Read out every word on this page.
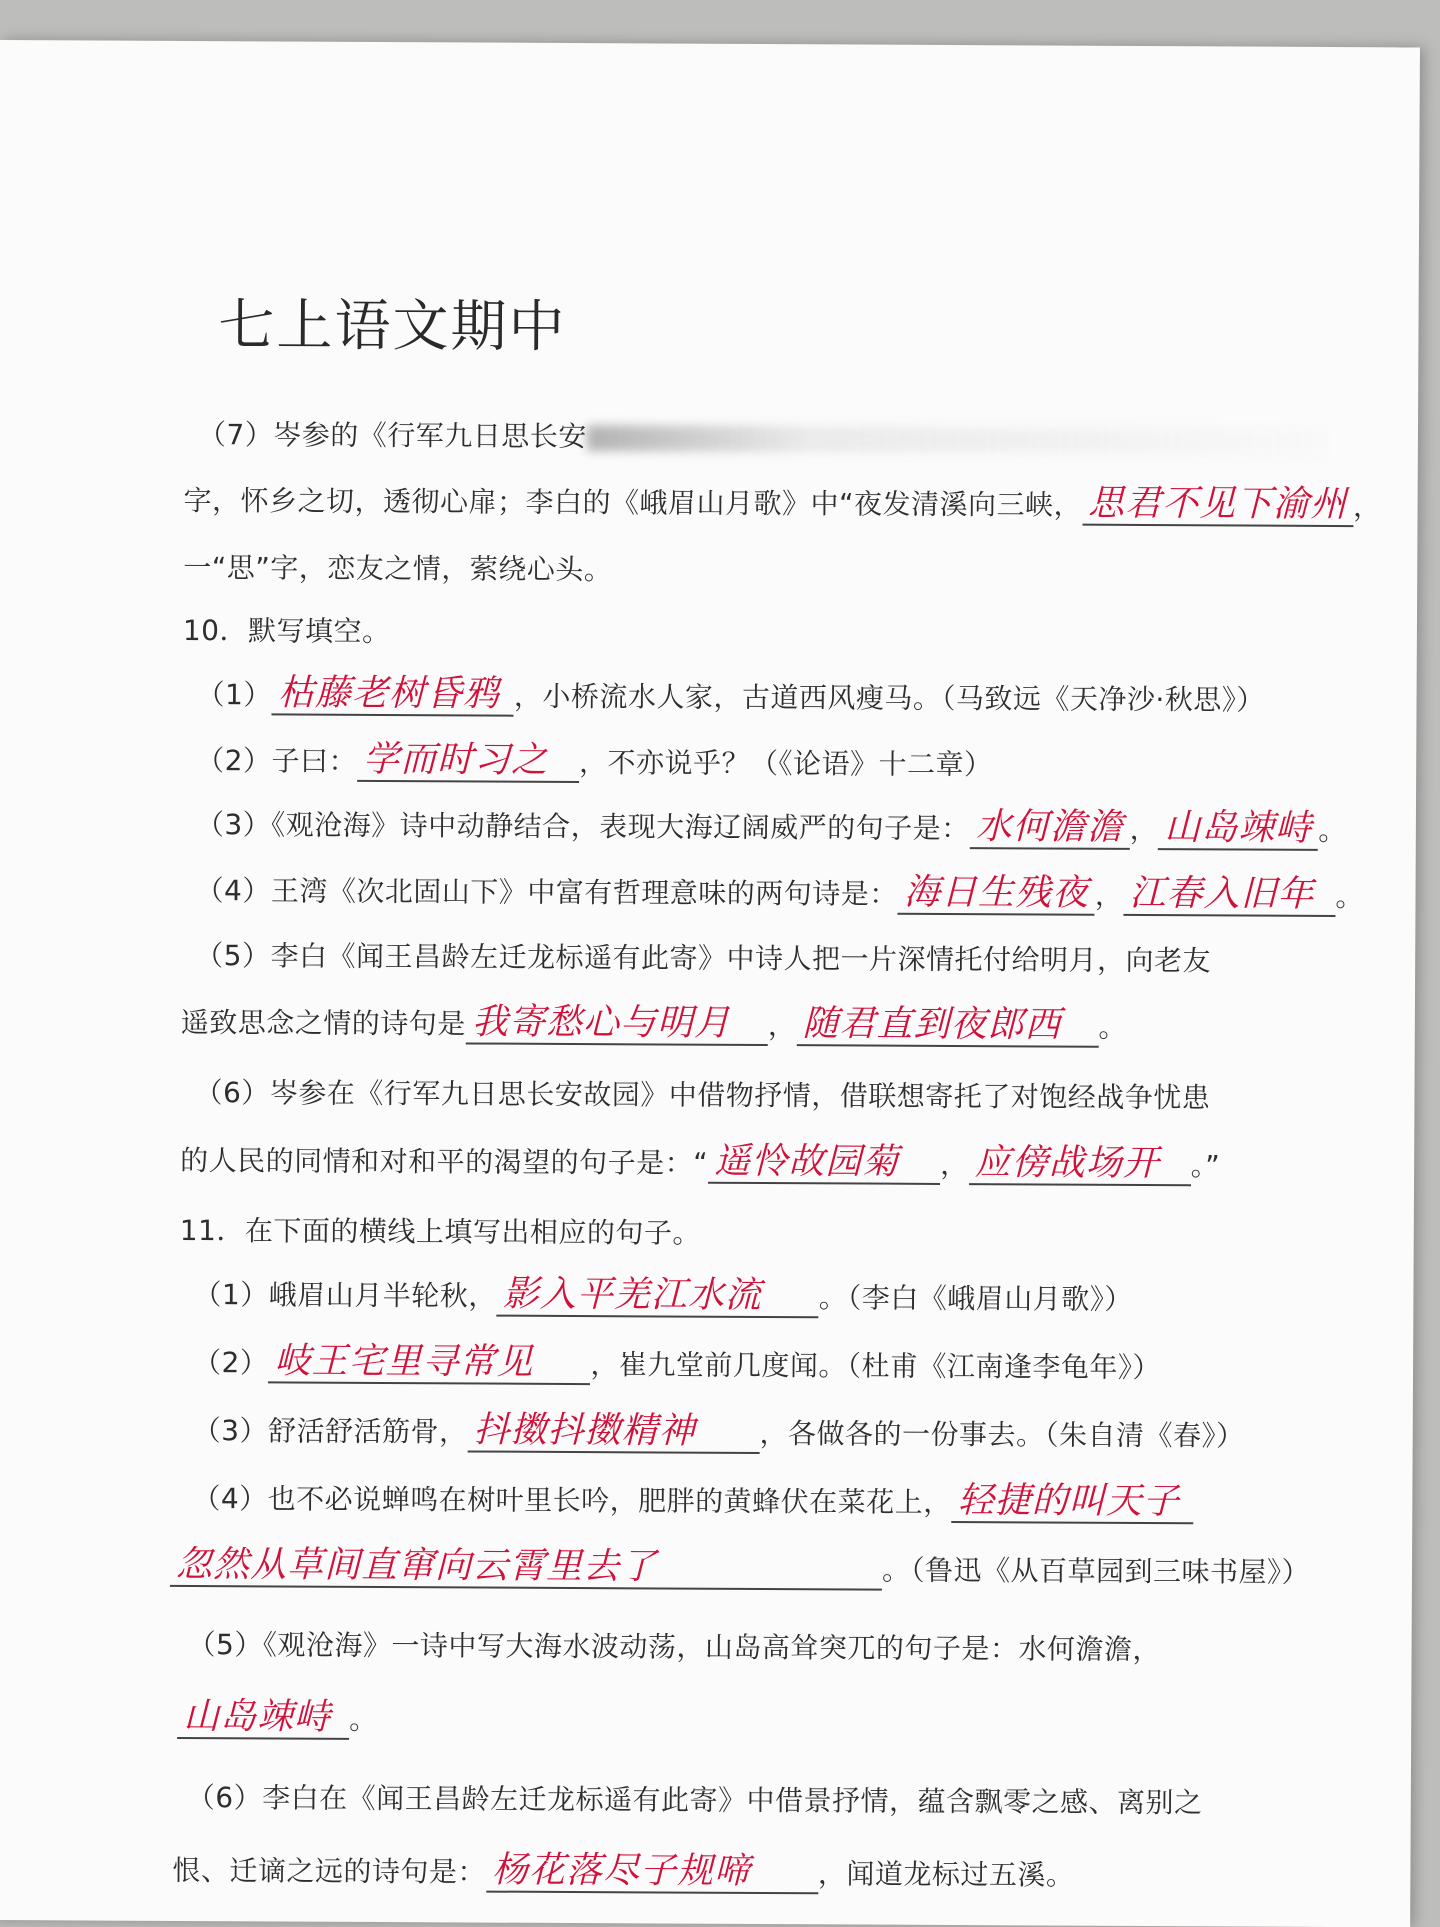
七上语文期中
（7）岑参的《行军九日思长安
字，怀乡之切，透彻心扉；李白的《峨眉山月歌》中“夜发清溪向三峡， 思君不见下渝州 ，
一“思”字，恋友之情，萦绕心头。
10．默写填空。
（1） 枯藤老树昏鸦 ，小桥流水人家，古道西风瘦马。（马致远《天净沙·秋思》）
（2）子曰： 学而时习之 ，不亦说乎？（《论语》十二章）
（3）《观沧海》诗中动静结合，表现大海辽阔威严的句子是： 水何澹澹 ， 山岛竦峙 。
（4）王湾《次北固山下》中富有哲理意味的两句诗是： 海日生残夜 ， 江春入旧年 。
（5）李白《闻王昌龄左迁龙标遥有此寄》中诗人把一片深情托付给明月，向老友
遥致思念之情的诗句是 我寄愁心与明月 ， 随君直到夜郎西 。
（6）岑参在《行军九日思长安故园》中借物抒情，借联想寄托了对饱经战争忧患
的人民的同情和对和平的渴望的句子是：“ 遥怜故园菊 ， 应傍战场开 。”
11．在下面的横线上填写出相应的句子。
（1）峨眉山月半轮秋， 影入平羌江水流 。（李白《峨眉山月歌》）
（2） 岐王宅里寻常见 ，崔九堂前几度闻。（杜甫《江南逢李龟年》）
（3）舒活舒活筋骨， 抖擞抖擞精神 ，各做各的一份事去。（朱自清《春》）
（4）也不必说蝉鸣在树叶里长吟，肥胖的黄蜂伏在菜花上， 轻捷的叫天子
忽然从草间直窜向云霄里去了	。（鲁迅《从百草园到三味书屋》）
（5）《观沧海》一诗中写大海水波动荡，山岛高耸突兀的句子是：水何澹澹，
山岛竦峙 。
（6）李白在《闻王昌龄左迁龙标遥有此寄》中借景抒情，蕴含飘零之感、离别之
恨、迁谪之远的诗句是： 杨花落尽子规啼 ，闻道龙标过五溪。
